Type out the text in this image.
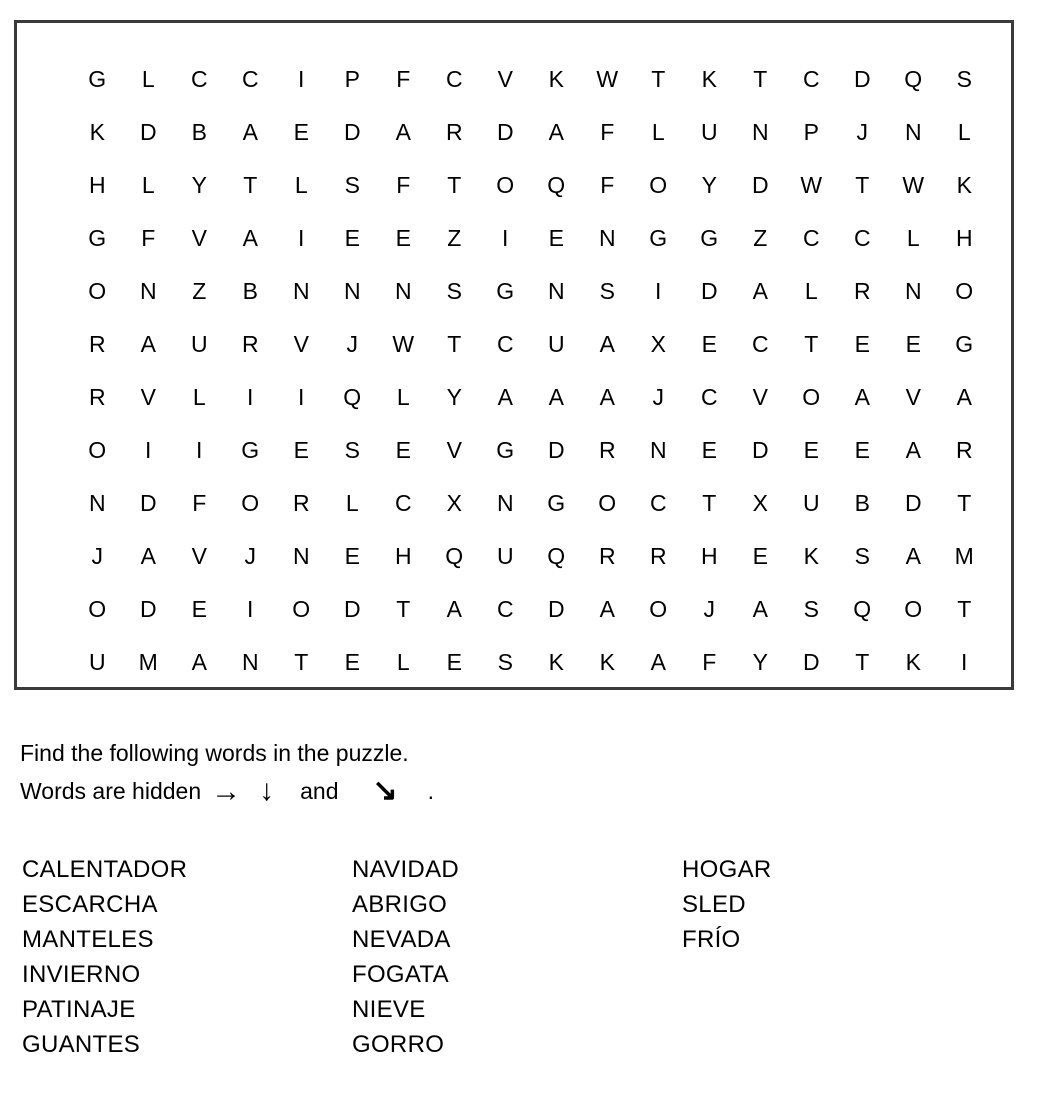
G	L	C	C	I	P	F	C	V	K	W	T	K	T	C	D	Q	S
K	D	B	A	E	D	A	R	D	A	F	L	U	N	P	J	N	L
H	L	Y	T	L	S	F	T	O	Q	F	O	Y	D	W	T	W	K
G	F	V	A	I	E	E	Z	I	E	N	G	G	Z	C	C	L	H
O	N	Z	B	N	N	N	S	G	N	S	I	D	A	L	R	N	O
R	A	U	R	V	J	W	T	C	U	A	X	E	C	T	E	E	G
R	V	L	I	I	Q	L	Y	A	A	A	J	C	V	O	A	V	A
O	I	I	G	E	S	E	V	G	D	R	N	E	D	E	E	A	R
N	D	F	O	R	L	C	X	N	G	O	C	T	X	U	B	D	T
J	A	V	J	N	E	H	Q	U	Q	R	R	H	E	K	S	A	M
O	D	E	I	O	D	T	A	C	D	A	O	J	A	S	Q	O	T
U	M	A	N	T	E	L	E	S	K	K	A	F	Y	D	T	K	I
Find the following words in the puzzle.
Words are hidden → ↓ and ↘ .
CALENTADOR
ESCARCHA
MANTELES
INVIERNO
PATINAJE
GUANTES
NAVIDAD
ABRIGO
NEVADA
FOGATA
NIEVE
GORRO
HOGAR
SLED
FRÍO
